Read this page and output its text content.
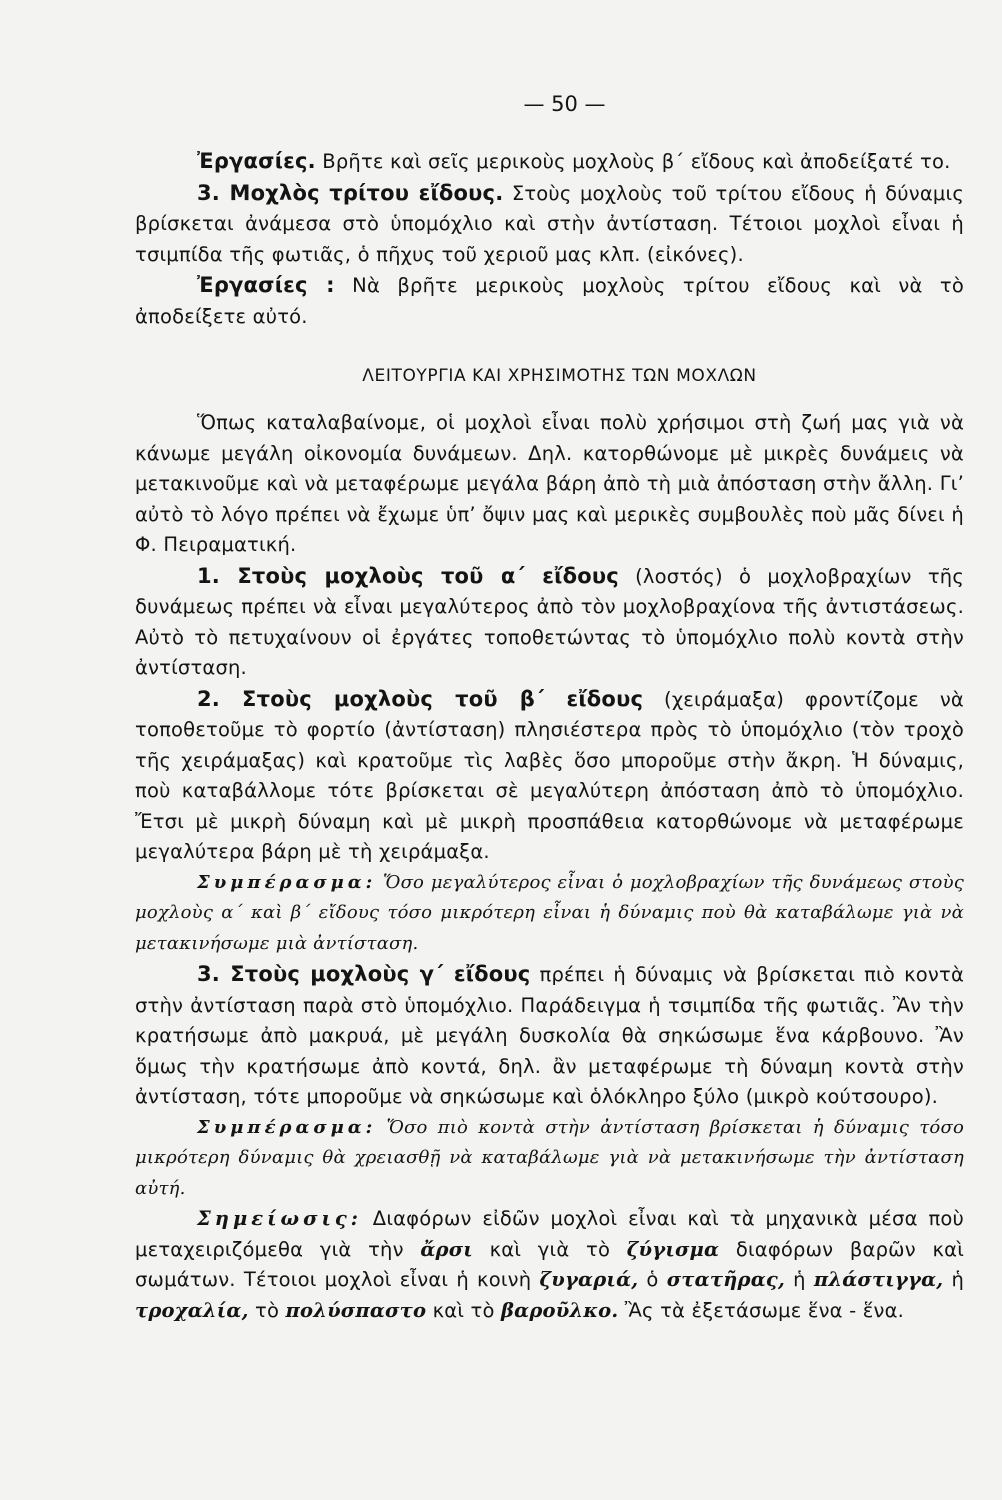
— 50 —

Ἐργασίες. Βρῆτε καὶ σεῖς μερικοὺς μοχλοὺς β΄ εἴδους καὶ ἀποδείξατέ το.

3. Μοχλὸς τρίτου εἴδους. Στοὺς μοχλοὺς τοῦ τρίτου εἴδους ἡ δύναμις βρίσκεται ἀνάμεσα στὸ ὑπομόχλιο καὶ στὴν ἀντίσταση. Τέτοιοι μοχλοὶ εἶναι ἡ τσιμπίδα τῆς φωτιᾶς, ὁ πῆχυς τοῦ χεριοῦ μας κλπ. (εἰκόνες).

Ἐργασίες : Νὰ βρῆτε μερικοὺς μοχλοὺς τρίτου εἴδους καὶ νὰ τὸ ἀποδείξετε αὐτό.

ΛΕΙΤΟΥΡΓΙΑ ΚΑΙ ΧΡΗΣΙΜΟΤΗΣ ΤΩΝ ΜΟΧΛΩΝ

Ὅπως καταλαβαίνομε, οἱ μοχλοὶ εἶναι πολὺ χρήσιμοι στὴ ζωή μας γιὰ νὰ κάνωμε μεγάλη οἰκονομία δυνάμεων. Δηλ. κατορθώνομε μὲ μικρὲς δυνάμεις νὰ μετακινοῦμε καὶ νὰ μεταφέρωμε μεγάλα βάρη ἀπὸ τὴ μιὰ ἀπόσταση στὴν ἄλλη. Γι’ αὐτὸ τὸ λόγο πρέπει νὰ ἔχωμε ὑπ’ ὄψιν μας καὶ μερικὲς συμβουλὲς ποὺ μᾶς δίνει ἡ Φ. Πειραματική.

1. Στοὺς μοχλοὺς τοῦ α΄ εἴδους (λοστός) ὁ μοχλοβραχίων τῆς δυνάμεως πρέπει νὰ εἶναι μεγαλύτερος ἀπὸ τὸν μοχλοβραχίονα τῆς ἀντιστάσεως. Αὐτὸ τὸ πετυχαίνουν οἱ ἐργάτες τοποθετώντας τὸ ὑπομόχλιο πολὺ κοντὰ στὴν ἀντίσταση.

2. Στοὺς μοχλοὺς τοῦ β΄ εἴδους (χειράμαξα) φροντίζομε νὰ τοποθετοῦμε τὸ φορτίο (ἀντίσταση) πλησιέστερα πρὸς τὸ ὑπομόχλιο (τὸν τροχὸ τῆς χειράμαξας) καὶ κρατοῦμε τὶς λαβὲς ὅσο μποροῦμε στὴν ἄκρη. Ἡ δύναμις, ποὺ καταβάλλομε τότε βρίσκεται σὲ μεγαλύτερη ἀπόσταση ἀπὸ τὸ ὑπομόχλιο. Ἔτσι μὲ μικρὴ δύναμη καὶ μὲ μικρὴ προσπάθεια κατορθώνομε νὰ μεταφέρωμε μεγαλύτερα βάρη μὲ τὴ χειράμαξα.

Συμπέρασμα: Ὅσο μεγαλύτερος εἶναι ὁ μοχλοβραχίων τῆς δυνάμεως στοὺς μοχλοὺς α΄ καὶ β΄ εἴδους τόσο μικρότερη εἶναι ἡ δύναμις ποὺ θὰ καταβάλωμε γιὰ νὰ μετακινήσωμε μιὰ ἀντίσταση.

3. Στοὺς μοχλοὺς γ΄ εἴδους πρέπει ἡ δύναμις νὰ βρίσκεται πιὸ κοντὰ στὴν ἀντίσταση παρὰ στὸ ὑπομόχλιο. Παράδειγμα ἡ τσιμπίδα τῆς φωτιᾶς. Ἂν τὴν κρατήσωμε ἀπὸ μακρυά, μὲ μεγάλη δυσκολία θὰ σηκώσωμε ἕνα κάρβουνο. Ἂν ὅμως τὴν κρατήσωμε ἀπὸ κοντά, δηλ. ἂν μεταφέρωμε τὴ δύναμη κοντὰ στὴν ἀντίσταση, τότε μποροῦμε νὰ σηκώσωμε καὶ ὁλόκληρο ξύλο (μικρὸ κούτσουρο).

Συμπέρασμα: Ὅσο πιὸ κοντὰ στὴν ἀντίσταση βρίσκεται ἡ δύναμις τόσο μικρότερη δύναμις θὰ χρειασθῇ νὰ καταβάλωμε γιὰ νὰ μετακινήσωμε τὴν ἀντίσταση αὐτή.

Σημείωσις: Διαφόρων εἰδῶν μοχλοὶ εἶναι καὶ τὰ μηχανικὰ μέσα ποὺ μεταχειριζόμεθα γιὰ τὴν ἄρσι καὶ γιὰ τὸ ζύγισμα διαφόρων βαρῶν καὶ σωμάτων. Τέτοιοι μοχλοὶ εἶναι ἡ κοινὴ ζυγαριά, ὁ στατῆρας, ἡ πλάστιγγα, ἡ τροχαλία, τὸ πολύσπαστο καὶ τὸ βαροῦλκο. Ἂς τὰ ἐξετάσωμε ἕνα - ἕνα.
